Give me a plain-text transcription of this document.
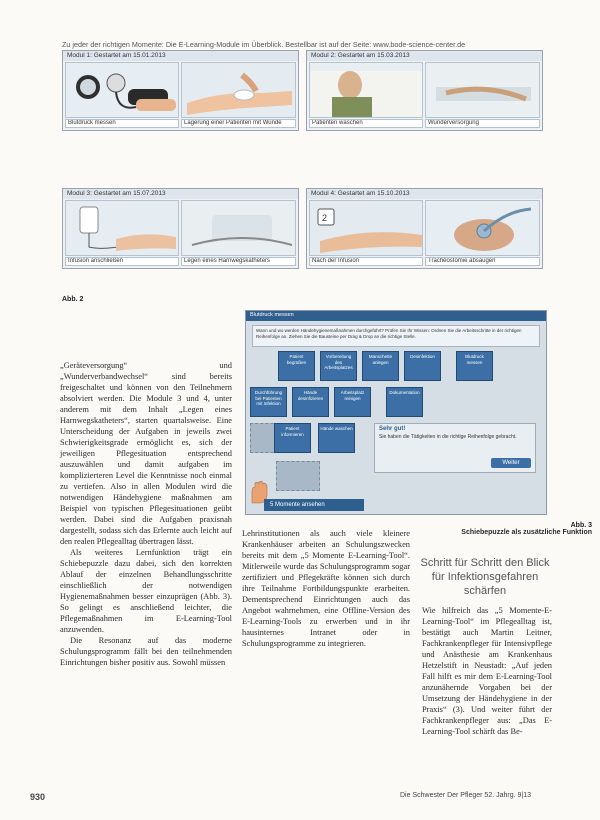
Zu jeder der richtigen Momente: Die E-Learning-Module im Überblick. Bestellbar ist auf der Seite: www.bode-science-center.de
Modul 1: Gestartet am 15.01.2013
Blutdruck messen	Lagerung einer Patienten mit Wunde
Modul 2: Gestartet am 15.03.2013
Patienten waschen	Wunderversorgung
Modul 3: Gestartet am 15.07.2013
Infusion anschließen	Legen eines Harnwegskatheters
Modul 4: Gestartet am 15.10.2013
2
Nach der Infusion	Tracheostomie absaugen
Abb. 2
Blutdruck messen
Wann und wo werden Händehygienemaßnahmen durchgeführt? Prüfen Sie Ihr Wissen: Ordnen Sie die Arbeitsschritte in der richtigen Reihenfolge an. Ziehen Sie die Bausteine per Drag & Drop an die richtige Stelle.
Patient begrüßen
Vorbereitung des Arbeitsplatzes
Manschette anlegen
Desinfektion	Blutdruck messen
Durchführung bei Patienten mit Infektion
Hände desinfizieren
Arbeitsplatz reinigen
Dokumentation
Patient informieren
Hände waschen	Sehr gut!
Sie haben die Tätigkeiten in die richtige Reihenfolge gebracht.
Weiter
5 Momente ansehen
Abb. 3
Schiebepuzzle als zusätzliche Funktion

„Geräteversorgung“ und „Wunderverbandwechsel“ sind bereits freigeschaltet und können von den Teilnehmern absolviert werden. Die Module 3 und 4, unter anderem mit dem Inhalt „Legen eines Harnwegskatheters“, starten quartalsweise. Eine Unterscheidung der Aufgaben in jeweils zwei Schwierigkeitsgrade ermöglicht es, sich der jeweiligen Pflegesituation entsprechend auszuwählen und damit aufgaben im komplizierteren Level die Kenntnisse noch einmal zu vertiefen. Also in allen Modulen wird die notwendigen Händehygiene maßnahmen am Beispiel von typischen Pflegesituationen geübt werden. Dabei sind die Aufgaben praxisnah dargestellt, sodass sich das Erlernte auch leicht auf den realen Pflegealltag übertragen lässt.

Als weiteres Lernfunktion trägt ein Schiebepuzzle dazu dabei, sich den korrekten Ablauf der einzelnen Behandlungsschritte einschließlich der notwendigen Hygienemaßnahmen besser einzuprägen (Abb. 3). So gelingt es anschließend leichter, die Pflegemaßnahmen im E-Learning-Tool anzuwenden.

Die Resonanz auf das moderne Schulungsprogramm fällt bei den teilnehmenden Einrichtungen bisher positiv aus. Sowohl müssen

Lehrinstitutionen als auch viele kleinere Krankenhäuser arbeiten an Schulungszwecken bereits mit dem „5 Momente E-Learning-Tool“. Mitlerweile wurde das Schulungsprogramm sogar zertifiziert und Pflegekräfte können sich durch ihre Teilnahme Fortbildungspunkte erarbeiten. Dementsprechend Einrichtungen auch das Angebot wahrnehmen, eine Offline-Version des E-Learning-Tools zu erwerben und in ihr hausinternes Intranet oder in Schulungsprogramme zu integrieren.

Schritt für Schritt den Blick für Infektionsgefahren schärfen

Wie hilfreich das „5 Momente-E-Learning-Tool“ im Pflegealltag ist, bestätigt auch Martin Leitner, Fachkrankenpfleger für Intensivpflege und Anästhesie am Krankenhaus Hetzelstift in Neustadt: „Auf jeden Fall hilft es mir dem E-Learning-Tool anzunähernde Vorgaben bei der Umsetzung der Händehygiene in der Praxis“ (3). Und weiter führt der Fachkrankenpfleger aus: „Das E-Learning-Tool schärft das Be-

930	Die Schwester Der Pfleger 52. Jahrg. 9|13
